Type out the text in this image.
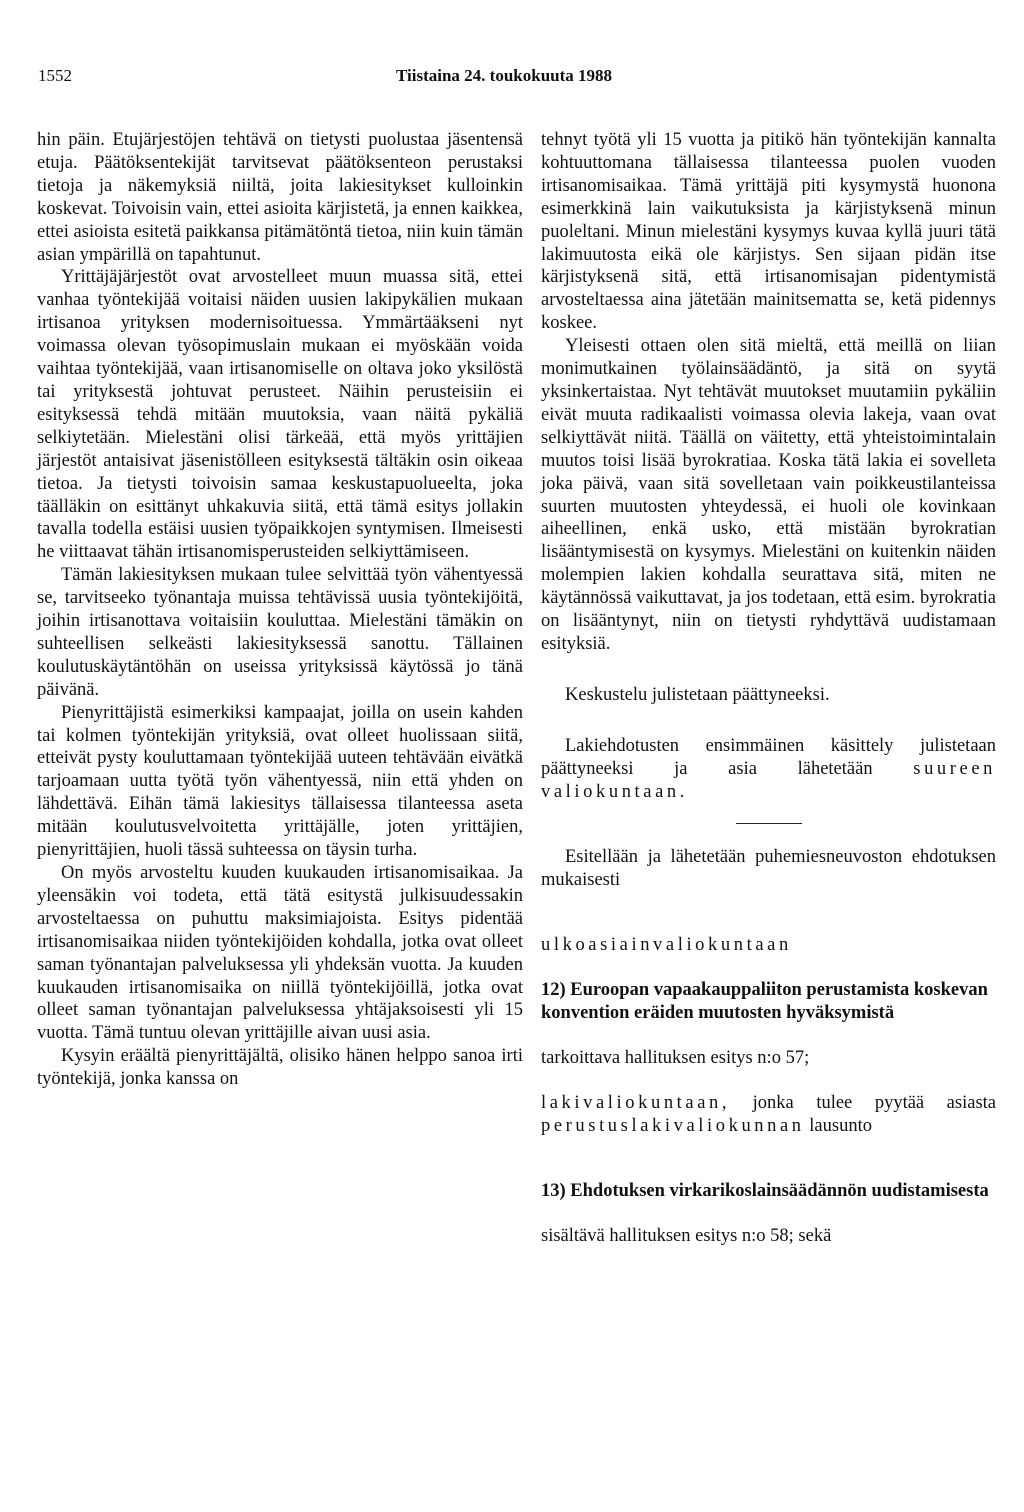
1552	Tiistaina 24. toukokuuta 1988

hin päin. Etujärjestöjen tehtävä on tietysti puolustaa jäsentensä etuja. Päätöksentekijät tarvitsevat päätöksenteon perustaksi tietoja ja näkemyksiä niiltä, joita lakiesitykset kulloinkin koskevat. Toivoisin vain, ettei asioita kärjistetä, ja ennen kaikkea, ettei asioista esitetä paikkansa pitämätöntä tietoa, niin kuin tämän asian ympärillä on tapahtunut.

Yrittäjäjärjestöt ovat arvostelleet muun muassa sitä, ettei vanhaa työntekijää voitaisi näiden uusien lakipykälien mukaan irtisanoa yrityksen modernisoituessa. Ymmärtääkseni nyt voimassa olevan työsopimuslain mukaan ei myöskään voida vaihtaa työntekijää, vaan irtisanomiselle on oltava joko yksilöstä tai yrityksestä johtuvat perusteet. Näihin perusteisiin ei esityksessä tehdä mitään muutoksia, vaan näitä pykäliä selkiytetään. Mielestäni olisi tärkeää, että myös yrittäjien järjestöt antaisivat jäsenistölleen esityksestä tältäkin osin oikeaa tietoa. Ja tietysti toivoisin samaa keskustapuolueelta, joka täälläkin on esittänyt uhkakuvia siitä, että tämä esitys jollakin tavalla todella estäisi uusien työpaikkojen syntymisen. Ilmeisesti he viittaavat tähän irtisanomisperusteiden selkiyttämiseen.

Tämän lakiesityksen mukaan tulee selvittää työn vähentyessä se, tarvitseeko työnantaja muissa tehtävissä uusia työntekijöitä, joihin irtisanottava voitaisiin kouluttaa. Mielestäni tämäkin on suhteellisen selkeästi lakiesityksessä sanottu. Tällainen koulutuskäytäntöhän on useissa yrityksissä käytössä jo tänä päivänä.

Pienyrittäjistä esimerkiksi kampaajat, joilla on usein kahden tai kolmen työntekijän yrityksiä, ovat olleet huolissaan siitä, etteivät pysty kouluttamaan työntekijää uuteen tehtävään eivätkä tarjoamaan uutta työtä työn vähentyessä, niin että yhden on lähdettävä. Eihän tämä lakiesitys tällaisessa tilanteessa aseta mitään koulutusvelvoitetta yrittäjälle, joten yrittäjien, pienyrittäjien, huoli tässä suhteessa on täysin turha.

On myös arvosteltu kuuden kuukauden irtisanomisaikaa. Ja yleensäkin voi todeta, että tätä esitystä julkisuudessakin arvosteltaessa on puhuttu maksimiajoista. Esitys pidentää irtisanomisaikaa niiden työntekijöiden kohdalla, jotka ovat olleet saman työnantajan palveluksessa yli yhdeksän vuotta. Ja kuuden kuukauden irtisanomisaika on niillä työntekijöillä, jotka ovat olleet saman työnantajan palveluksessa yhtäjaksoisesti yli 15 vuotta. Tämä tuntuu olevan yrittäjille aivan uusi asia.

Kysyin eräältä pienyrittäjältä, olisiko hänen helppo sanoa irti työntekijä, jonka kanssa on

tehnyt työtä yli 15 vuotta ja pitikö hän työntekijän kannalta kohtuuttomana tällaisessa tilanteessa puolen vuoden irtisanomisaikaa. Tämä yrittäjä piti kysymystä huonona esimerkkinä lain vaikutuksista ja kärjistyksenä minun puoleltani. Minun mielestäni kysymys kuvaa kyllä juuri tätä lakimuutosta eikä ole kärjistys. Sen sijaan pidän itse kärjistyksenä sitä, että irtisanomisajan pidentymistä arvosteltaessa aina jätetään mainitsematta se, ketä pidennys koskee.

Yleisesti ottaen olen sitä mieltä, että meillä on liian monimutkainen työlainsäädäntö, ja sitä on syytä yksinkertaistaa. Nyt tehtävät muutokset muutamiin pykäliin eivät muuta radikaalisti voimassa olevia lakeja, vaan ovat selkiyttävät niitä. Täällä on väitetty, että yhteistoimintalain muutos toisi lisää byrokratiaa. Koska tätä lakia ei sovelleta joka päivä, vaan sitä sovelletaan vain poikkeustilanteissa suurten muutosten yhteydessä, ei huoli ole kovinkaan aiheellinen, enkä usko, että mistään byrokratian lisääntymisestä on kysymys. Mielestäni on kuitenkin näiden molempien lakien kohdalla seurattava sitä, miten ne käytännössä vaikuttavat, ja jos todetaan, että esim. byrokratia on lisääntynyt, niin on tietysti ryhdyttävä uudistamaan esityksiä.

Keskustelu julistetaan päättyneeksi.

Lakiehdotusten ensimmäinen käsittely julistetaan päättyneeksi ja asia lähetetään suureen valiokuntaan.

Esitellään ja lähetetään puhemiesneuvoston ehdotuksen mukaisesti

ulkoasiainvaliokuntaan

12) Euroopan vapaakauppaliiton perustamista koskevan konvention eräiden muutosten hyväksymistä

tarkoittava hallituksen esitys n:o 57;

lakivaliokuntaan, jonka tulee pyytää asiasta perustuslakivaliokunnan lausunto

13) Ehdotuksen virkarikoslainsäädännön uudistamisesta

sisältävä hallituksen esitys n:o 58; sekä
